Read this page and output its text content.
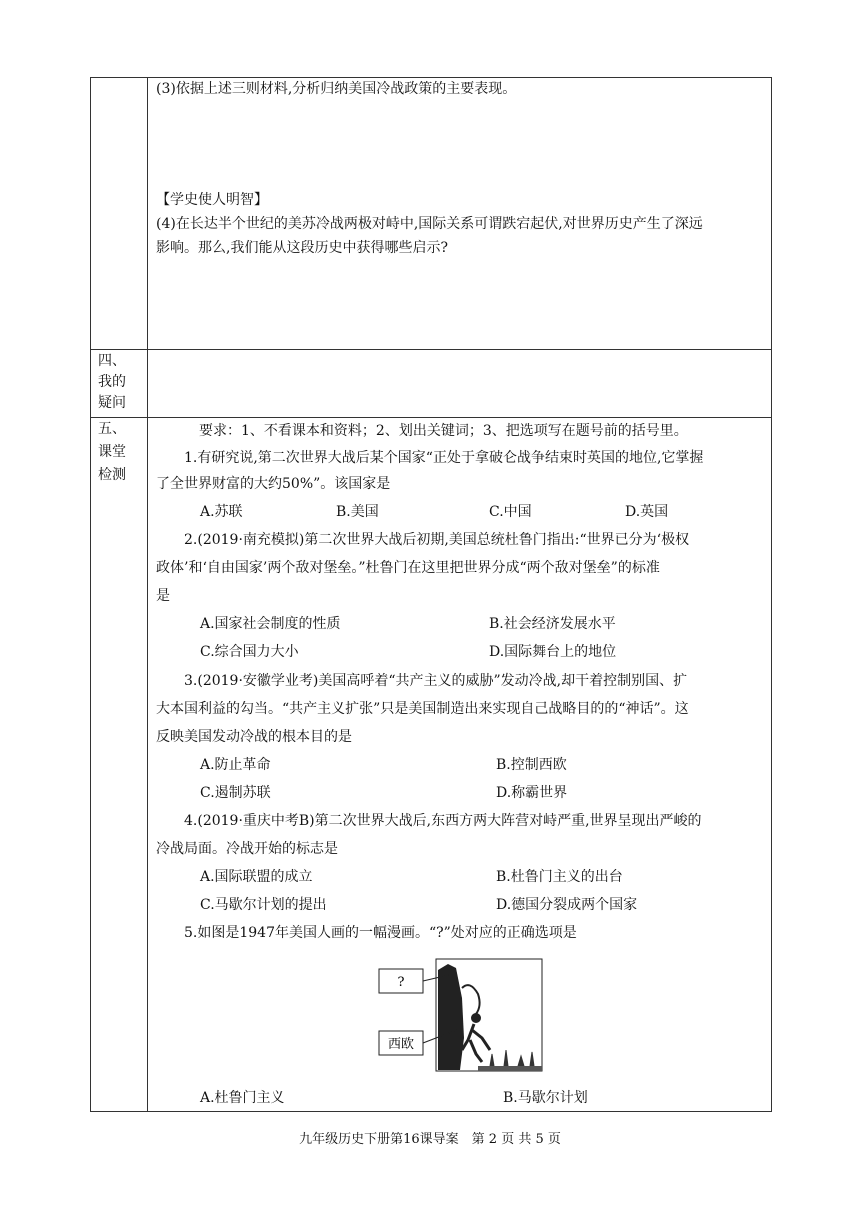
(3)依据上述三则材料,分析归纳美国冷战政策的主要表现。
【学史使人明智】
(4)在长达半个世纪的美苏冷战两极对峙中,国际关系可谓跌宕起伏,对世界历史产生了深远
影响。那么,我们能从这段历史中获得哪些启示?
四、
我的
疑问
五、
课堂
检测
要求：1、不看课本和资料；2、划出关键词；3、把选项写在题号前的括号里。
1.有研究说,第二次世界大战后某个国家“正处于拿破仑战争结束时英国的地位,它掌握
了全世界财富的大约50%”。该国家是
A.苏联	B.美国	C.中国	D.英国
2.(2019·南充模拟)第二次世界大战后初期,美国总统杜鲁门指出:“世界已分为‘极权
政体’和‘自由国家’两个敌对堡垒。”杜鲁门在这里把世界分成“两个敌对堡垒”的标准
是
A.国家社会制度的性质	B.社会经济发展水平
C.综合国力大小	D.国际舞台上的地位
3.(2019·安徽学业考)美国高呼着“共产主义的威胁”发动冷战,却干着控制别国、扩
大本国利益的勾当。“共产主义扩张”只是美国制造出来实现自己战略目的的“神话”。这
反映美国发动冷战的根本目的是
A.防止革命	B.控制西欧
C.遏制苏联	D.称霸世界
4.(2019·重庆中考B)第二次世界大战后,东西方两大阵营对峙严重,世界呈现出严峻的
冷战局面。冷战开始的标志是
A.国际联盟的成立	B.杜鲁门主义的出台
C.马歇尔计划的提出	D.德国分裂成两个国家
5.如图是1947年美国人画的一幅漫画。“?”处对应的正确选项是
?
西欧
A.杜鲁门主义	B.马歇尔计划
九年级历史下册第16课导案　第 2 页 共 5 页
